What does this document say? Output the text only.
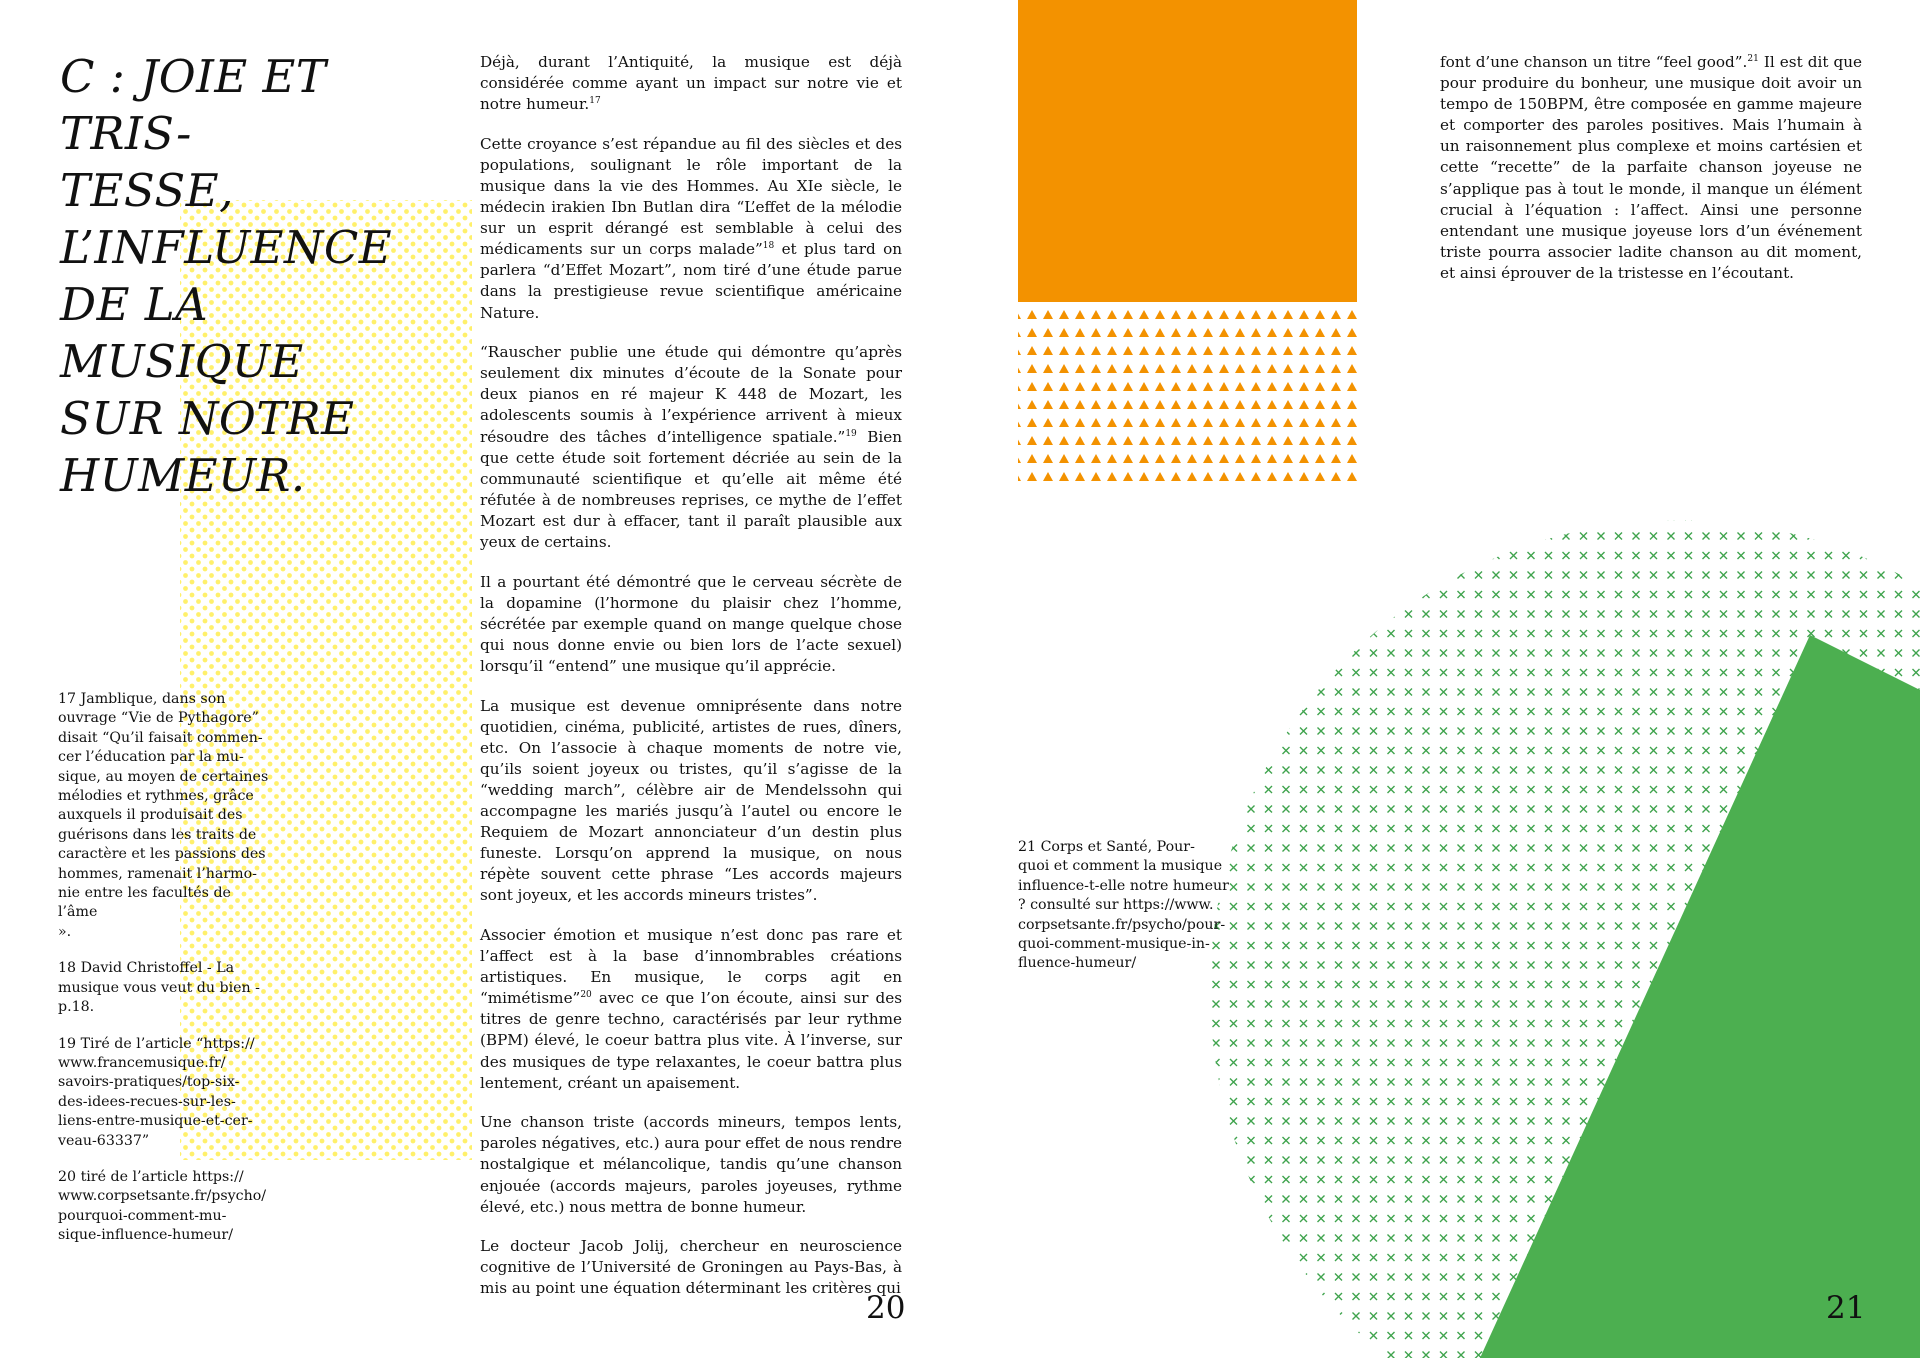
C : JOIE ET TRIS-
TESSE,
L’INFLUENCE
DE LA MUSIQUE
SUR NOTRE
HUMEUR.

Déjà, durant l’Antiquité, la musique est déjà considérée comme ayant un impact sur notre vie et notre humeur.$^{17}$

Cette croyance s’est répandue au fil des siècles et des populations, soulignant le rôle important de la musique dans la vie des Hommes. Au XIe siècle, le médecin irakien Ibn Butlan dira “L’effet de la mélodie sur un esprit dérangé est semblable à celui des médicaments sur un corps malade”$^{18}$ et plus tard on parlera “d’Effet Mozart”, nom tiré d’une étude parue dans la prestigieuse revue scientifique américaine Nature.

“Rauscher publie une étude qui démontre qu’après seulement dix minutes d’écoute de la Sonate pour deux pianos en ré majeur K 448 de Mozart, les adolescents soumis à l’expérience arrivent à mieux résoudre des tâches d’intelligence spatiale.”$^{19}$ Bien que cette étude soit fortement décriée au sein de la communauté scientifique et qu’elle ait même été réfutée à de nombreuses reprises, ce mythe de l’effet Mozart est dur à effacer, tant il paraît plausible aux yeux de certains.

Il a pourtant été démontré que le cerveau sécrète de la dopamine (l’hormone du plaisir chez l’homme, sécrétée par exemple quand on mange quelque chose qui nous donne envie ou bien lors de l’acte sexuel) lorsqu’il “entend” une musique qu’il apprécie.

La musique est devenue omniprésente dans notre quotidien, cinéma, publicité, artistes de rues, dîners, etc. On l’associe à chaque moments de notre vie, qu’ils soient joyeux ou tristes, qu’il s’agisse de la “wedding march”, célèbre air de Mendelssohn qui accompagne les mariés jusqu’à l’autel ou encore le Requiem de Mozart annonciateur d’un destin plus funeste. Lorsqu’on apprend la musique, on nous répète souvent cette phrase “Les accords majeurs sont joyeux, et les accords mineurs tristes”.

Associer émotion et musique n’est donc pas rare et l’affect est à la base d’innombrables créations artistiques. En musique, le corps agit en “mimétisme”$^{20}$ avec ce que l’on écoute, ainsi sur des titres de genre techno, caractérisés par leur rythme (BPM) élevé, le coeur battra plus vite. À l’inverse, sur des musiques de type relaxantes, le coeur battra plus lentement, créant un apaisement.

Une chanson triste (accords mineurs, tempos lents, paroles négatives, etc.) aura pour effet de nous rendre nostalgique et mélancolique, tandis qu’une chanson enjouée (accords majeurs, paroles joyeuses, rythme élevé, etc.) nous mettra de bonne humeur.

Le docteur Jacob Jolij, chercheur en neuroscience cognitive de l’Université de Groningen au Pays-Bas, à mis au point une équation déterminant les critères qui

17 Jamblique, dans son
ouvrage “Vie de Pythagore”
disait “Qu’il faisait commen-
cer l’éducation par la mu-
sique, au moyen de certaines
mélodies et rythmes, grâce
auxquels il produisait des
guérisons dans les traits de
caractère et les passions des
hommes, ramenait l’harmo-
nie entre les facultés de l’âme
».

18 David Christoffel - La
musique vous veut du bien -
p.18.

19 Tiré de l’article “https://
www.francemusique.fr/
savoirs-pratiques/top-six-
des-idees-recues-sur-les-
liens-entre-musique-et-cer-
veau-63337”

20 tiré de l’article https://
www.corpsetsante.fr/psycho/
pourquoi-comment-mu-
sique-influence-humeur/

20

font d’une chanson un titre “feel good”.$^{21}$ Il est dit que pour produire du bonheur, une musique doit avoir un tempo de 150BPM, être composée en gamme majeure et comporter des paroles positives. Mais l’humain à un raisonnement plus complexe et moins cartésien et cette “recette” de la parfaite chanson joyeuse ne s’applique pas à tout le monde, il manque un élément crucial à l’équation : l’affect. Ainsi une personne entendant une musique joyeuse lors d’un événement triste pourra associer ladite chanson au dit moment, et ainsi éprouver de la tristesse en l’écoutant.

21 Corps et Santé, Pour-
quoi et comment la musique
influence-t-elle notre humeur
? consulté sur https://www.
corpsetsante.fr/psycho/pour-
quoi-comment-musique-in-
fluence-humeur/
21
